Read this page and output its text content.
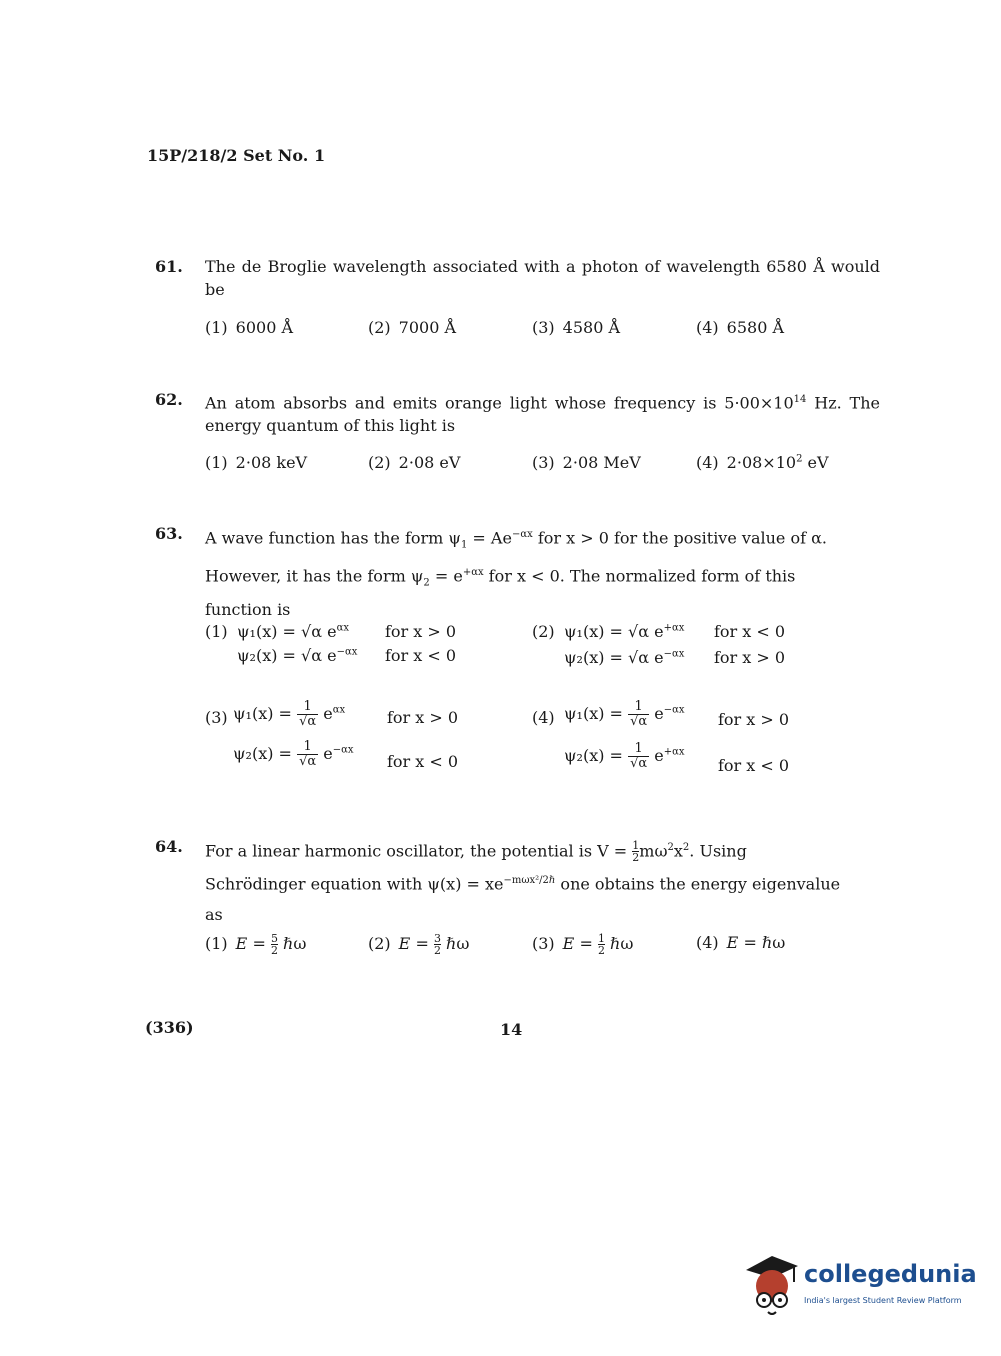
15P/218/2 Set No. 1
61. The de Broglie wavelength associated with a photon of wavelength 6580 Å would be
(1) 6000 Å	(2) 7000 Å	(3) 4580 Å	(4) 6580 Å
62. An atom absorbs and emits orange light whose frequency is $5\cdot 00\times 10^{14}$ Hz. The energy quantum of this light is
(1) 2·08 keV	(2) 2·08 eV	(3) 2·08 MeV	(4) $2\cdot 08\times 10^2$ eV
63. A wave function has the form $\psi_1 = Ae^{-\alpha x}$ for x > 0 for the positive value of α.
However, it has the form $\psi_2 = e^{+\alpha x}$ for x < 0. The normalized form of this
function is
(1) ψ₁(x) = √α $e^{\alpha x}$ for x > 0
ψ₂(x) = √α $e^{-\alpha x}$ for x < 0
(2) ψ₁(x) = √α $e^{+\alpha x}$ for x < 0
ψ₂(x) = √α $e^{-\alpha x}$ for x > 0
(3) $\psi_1(x) = \frac{1}{√\alpha} e^{\alpha x}$	for x > 0
$\psi_2(x) = \frac{1}{√\alpha} e^{-\alpha x}$
for x < 0
(4) $\psi_1(x) = \frac{1}{√\alpha} e^{-\alpha x}$ for x > 0
$\psi_2(x) = \frac{1}{√\alpha} e^{+\alpha x}$
for x < 0
64. For a linear harmonic oscillator, the potential is $V = \frac{1}{2} m\omega^2x^2$. Using
Schrödinger equation with $\psi(x) = xe^{-m\omega x^2/2\hbar}$ one obtains the energy eigenvalue
as
(1) $E = \frac{5}{2}$ ℏω	(2) $E = \frac{3}{2}$ ℏω	(3) $E = \frac{1}{2}$ ℏω	(4) E = ℏω
(336)	14
collegedunia
India's largest Student Review Platform
